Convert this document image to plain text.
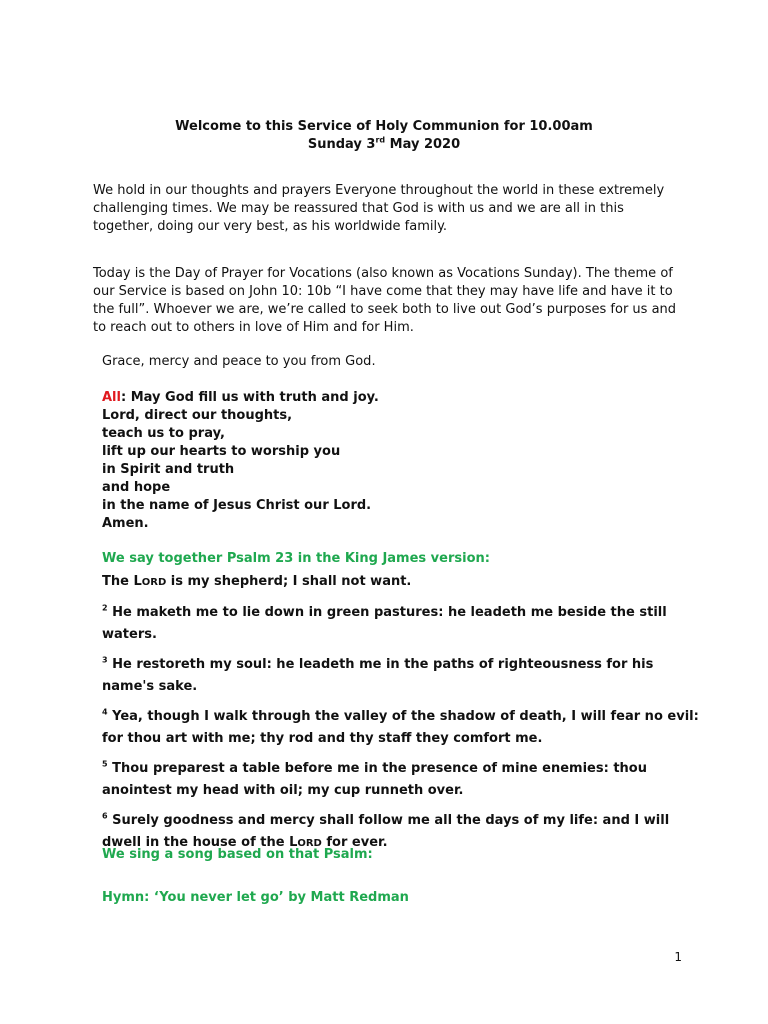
Welcome to this Service of Holy Communion for 10.00am
Sunday 3rd May 2020

We hold in our thoughts and prayers Everyone throughout the world in these extremely challenging times. We may be reassured that God is with us and we are all in this together, doing our very best, as his worldwide family.

Today is the Day of Prayer for Vocations (also known as Vocations Sunday). The theme of our Service is based on John 10: 10b “I have come that they may have life and have it to the full”. Whoever we are, we’re called to seek both to live out God’s purposes for us and to reach out to others in love of Him and for Him.

Grace, mercy and peace to you from God.
All: May God fill us with truth and joy.
Lord, direct our thoughts,
teach us to pray,
lift up our hearts to worship you
in Spirit and truth
and hope
in the name of Jesus Christ our Lord.
Amen.
We say together Psalm 23 in the King James version:

The LORD is my shepherd; I shall not want.

$^2$ He maketh me to lie down in green pastures: he leadeth me beside the still waters.

$^3$ He restoreth my soul: he leadeth me in the paths of righteousness for his name's sake.

$^4$ Yea, though I walk through the valley of the shadow of death, I will fear no evil: for thou art with me; thy rod and thy staff they comfort me.

$^5$ Thou preparest a table before me in the presence of mine enemies: thou anointest my head with oil; my cup runneth over.

$^6$ Surely goodness and mercy shall follow me all the days of my life: and I will dwell in the house of the LORD for ever.

We sing a song based on that Psalm:
Hymn: ‘You never let go’ by Matt Redman
1
